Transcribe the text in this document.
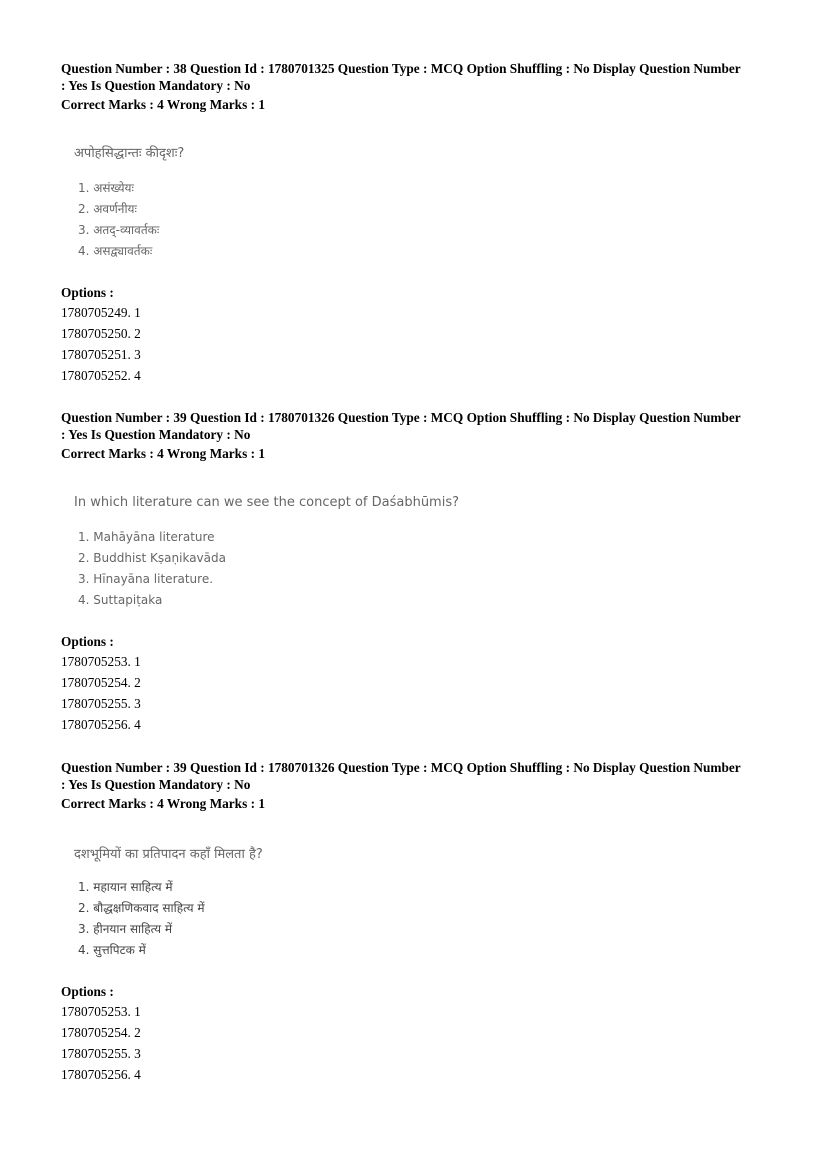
Question Number : 38 Question Id : 1780701325 Question Type : MCQ Option Shuffling : No Display Question Number
: Yes Is Question Mandatory : No
Correct Marks : 4 Wrong Marks : 1
अपोहसिद्धान्तः कीदृशः?
1. असंख्येयः
2. अवर्णनीयः
3. अतद्-व्यावर्तकः
4. असद्व्यावर्तकः
Options :
1780705249. 1
1780705250. 2
1780705251. 3
1780705252. 4
Question Number : 39 Question Id : 1780701326 Question Type : MCQ Option Shuffling : No Display Question Number
: Yes Is Question Mandatory : No
Correct Marks : 4 Wrong Marks : 1
In which literature can we see the concept of Daśabhūmis?
1. Mahāyāna literature
2. Buddhist Kṣaṇikavāda
3. Hīnayāna literature.
4. Suttapiṭaka
Options :
1780705253. 1
1780705254. 2
1780705255. 3
1780705256. 4
Question Number : 39 Question Id : 1780701326 Question Type : MCQ Option Shuffling : No Display Question Number
: Yes Is Question Mandatory : No
Correct Marks : 4 Wrong Marks : 1
दशभूमियों का प्रतिपादन कहाँ मिलता है?
1. महायान साहित्य में
2. बौद्धक्षणिकवाद साहित्य में
3. हीनयान साहित्य में
4. सुत्तपिटक में
Options :
1780705253. 1
1780705254. 2
1780705255. 3
1780705256. 4
